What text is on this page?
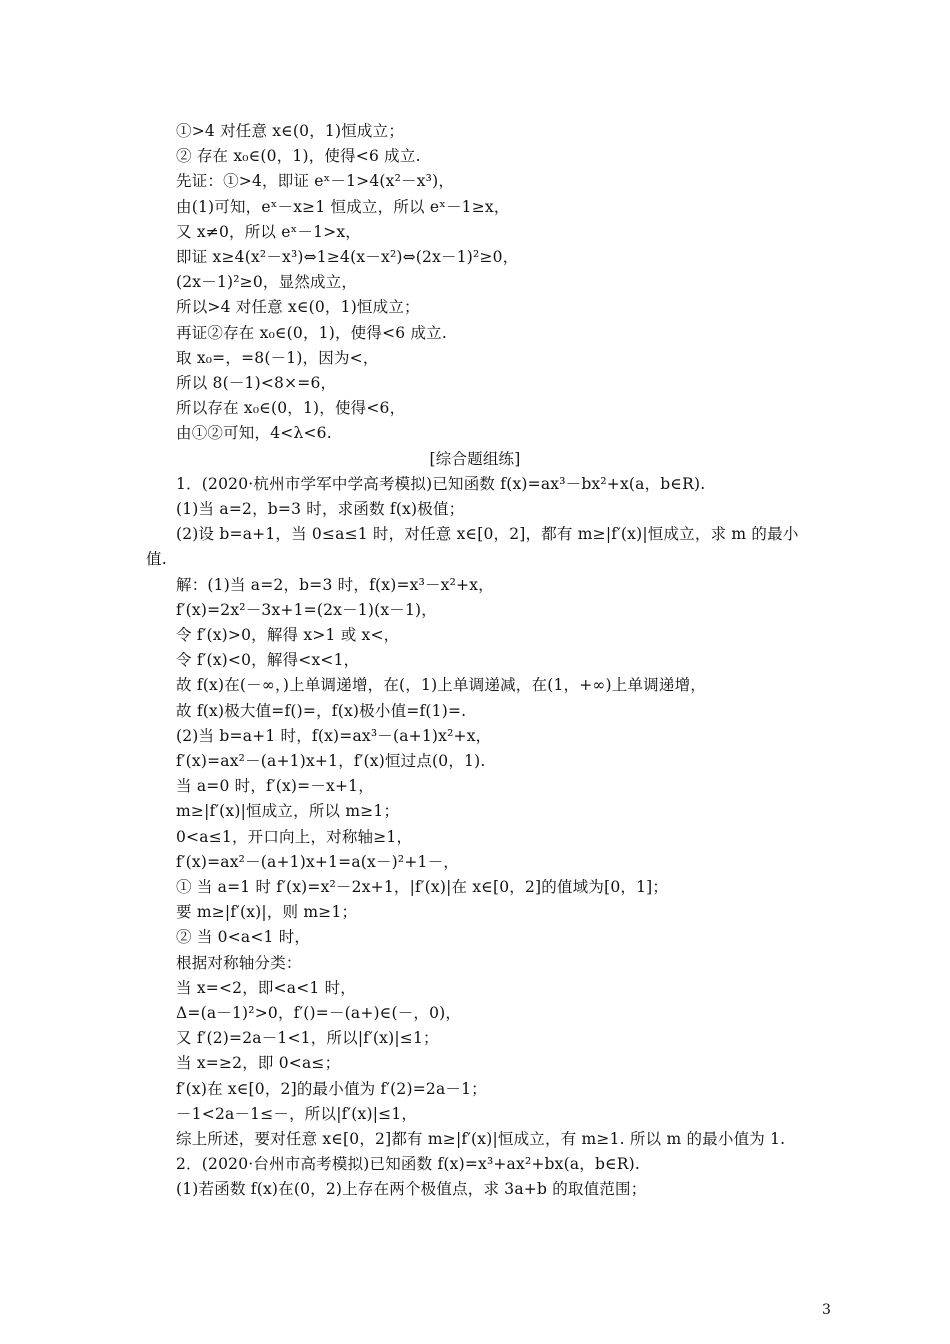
①>4 对任意 x∈(0，1)恒成立；
② 存在 x₀∈(0，1)，使得<6 成立.
先证：①>4，即证 eˣ－1>4(x²－x³)，
由(1)可知，eˣ－x≥1 恒成立，所以 eˣ－1≥x，
又 x≠0，所以 eˣ－1>x，
即证 x≥4(x²－x³)⇔1≥4(x－x²)⇔(2x－1)²≥0，
(2x－1)²≥0，显然成立，
所以>4 对任意 x∈(0，1)恒成立；
再证②存在 x₀∈(0，1)，使得<6 成立.
取 x₀=，=8(－1)，因为<，
所以 8(－1)<8×=6，
所以存在 x₀∈(0，1)，使得<6，
由①②可知，4<λ<6.
[综合题组练]
1．(2020·杭州市学军中学高考模拟)已知函数 f(x)=ax³－bx²+x(a，b∈R).
(1)当 a=2，b=3 时，求函数 f(x)极值；
(2)设 b=a+1，当 0≤a≤1 时，对任意 x∈[0，2]，都有 m≥|f′(x)|恒成立，求 m 的最小
值.
解：(1)当 a=2，b=3 时，f(x)=x³－x²+x，
f′(x)=2x²－3x+1=(2x－1)(x－1)，
令 f′(x)>0，解得 x>1 或 x<，
令 f′(x)<0，解得<x<1，
故 f(x)在(－∞，)上单调递增，在(，1)上单调递减，在(1，+∞)上单调递增，
故 f(x)极大值=f()=，f(x)极小值=f(1)=.
(2)当 b=a+1 时，f(x)=ax³－(a+1)x²+x，
f′(x)=ax²－(a+1)x+1，f′(x)恒过点(0，1).
当 a=0 时，f′(x)=－x+1，
m≥|f′(x)|恒成立，所以 m≥1；
0<a≤1，开口向上，对称轴≥1，
f′(x)=ax²－(a+1)x+1=a(x－)²+1－，
① 当 a=1 时 f′(x)=x²－2x+1，|f′(x)|在 x∈[0，2]的值域为[0，1]；
要 m≥|f′(x)|，则 m≥1；
② 当 0<a<1 时，
根据对称轴分类：
当 x=<2，即<a<1 时，
Δ=(a－1)²>0，f′()=－(a+)∈(－，0)，
又 f′(2)=2a－1<1，所以|f′(x)|≤1；
当 x=≥2，即 0<a≤；
f′(x)在 x∈[0，2]的最小值为 f′(2)=2a－1；
－1<2a－1≤－，所以|f′(x)|≤1，
综上所述，要对任意 x∈[0，2]都有 m≥|f′(x)|恒成立，有 m≥1. 所以 m 的最小值为 1.
2．(2020·台州市高考模拟)已知函数 f(x)=x³+ax²+bx(a，b∈R).
(1)若函数 f(x)在(0，2)上存在两个极值点，求 3a+b 的取值范围；
3
